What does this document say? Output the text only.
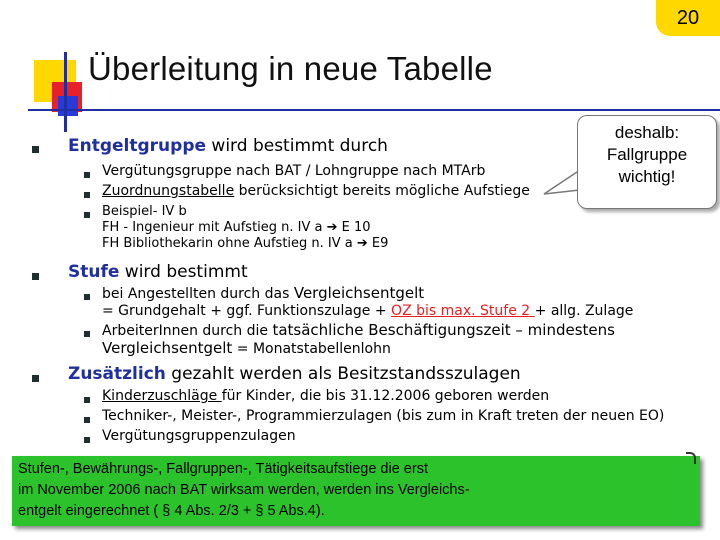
20
Überleitung in neue Tabelle
Entgeltgruppe wird bestimmt durch
Vergütungsgruppe nach BAT / Lohngruppe nach MTArb
Zuordnungstabelle berücksichtigt bereits mögliche Aufstiege
Beispiel- IV b
FH - Ingenieur mit Aufstieg n. IV a ➔ E 10
FH Bibliothekarin ohne Aufstieg n. IV a ➔ E9
deshalb:
Fallgruppe
wichtig!
Stufe wird bestimmt
bei Angestellten durch das Vergleichsentgelt
= Grundgehalt + ggf. Funktionszulage + OZ bis max. Stufe 2 + allg. Zulage
ArbeiterInnen durch die tatsächliche Beschäftigungszeit – mindestens
Vergleichsentgelt = Monatstabellenlohn
Zusätzlich gezahlt werden als Besitzstandsszulagen
Kinderzuschläge für Kinder, die bis 31.12.2006 geboren werden
Techniker-, Meister-, Programmierzulagen (bis zum in Kraft treten der neuen EO)
Vergütungsgruppenzulagen
Stufen-, Bewährungs-, Fallgruppen-, Tätigkeitsaufstiege die erst
im November 2006 nach BAT wirksam werden, werden ins Vergleichs-
entgelt eingerechnet ( § 4 Abs. 2/3 + § 5 Abs.4).
